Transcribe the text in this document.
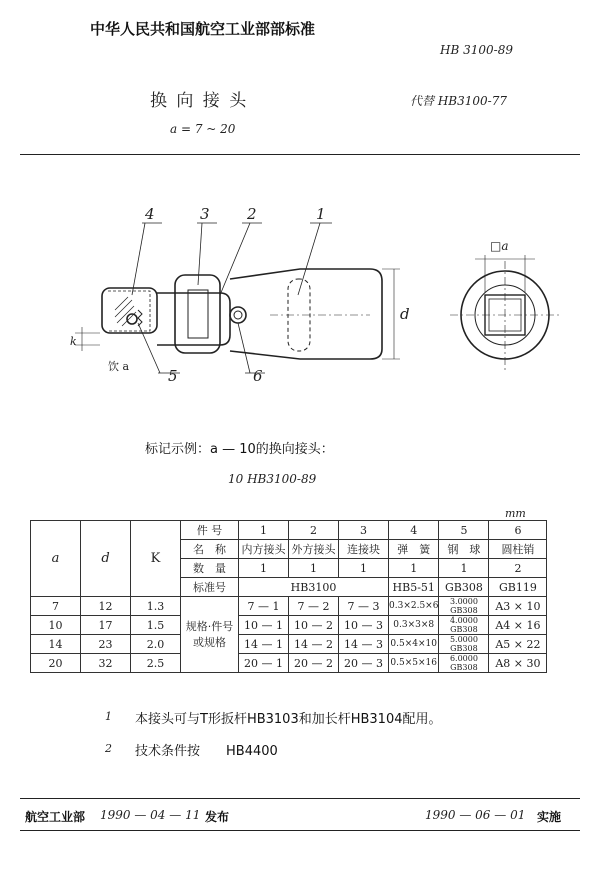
中华人民共和国航空工业部部标准
HB 3100-89
换 向 接 头	代替 HB3100-77
a = 7 ~ 20
4	3 2	1
5	6
d
k
饮 a
□a
标记示例：a — 10的换向接头：
10 HB3100-89
mm
a	d	K	件 号	1	2	3	4	5	6
			名　称	内方接头	外方接头	连接块	弹　簧	钢　球	圆柱销
			数　量	1	1	1	1	1	2
			标准号	HB3100			HB5-51	GB308	GB119
7	12	1.3	规格·件号 或规格	7 — 1	7 — 2	7 — 3	0.3×2.5×6	3.0000 GB308	A3 × 10
10	17	1.5		10 — 1	10 — 2	10 — 3	0.3×3×8	4.0000 GB308	A4 × 16
14	23	2.0		14 — 1	14 — 2	14 — 3	0.5×4×10	5.0000 GB308	A5 × 22
20	32	2.5		20 — 1	20 — 2	20 — 3	0.5×5×16	6.0000 GB308	A8 × 30
1 本接头可与T形扳杆HB3103和加长杆HB3104配用。
2 技术条件按　　HB4400
航空工业部 1990 — 04 — 11 发布	1990 — 06 — 01 实施
